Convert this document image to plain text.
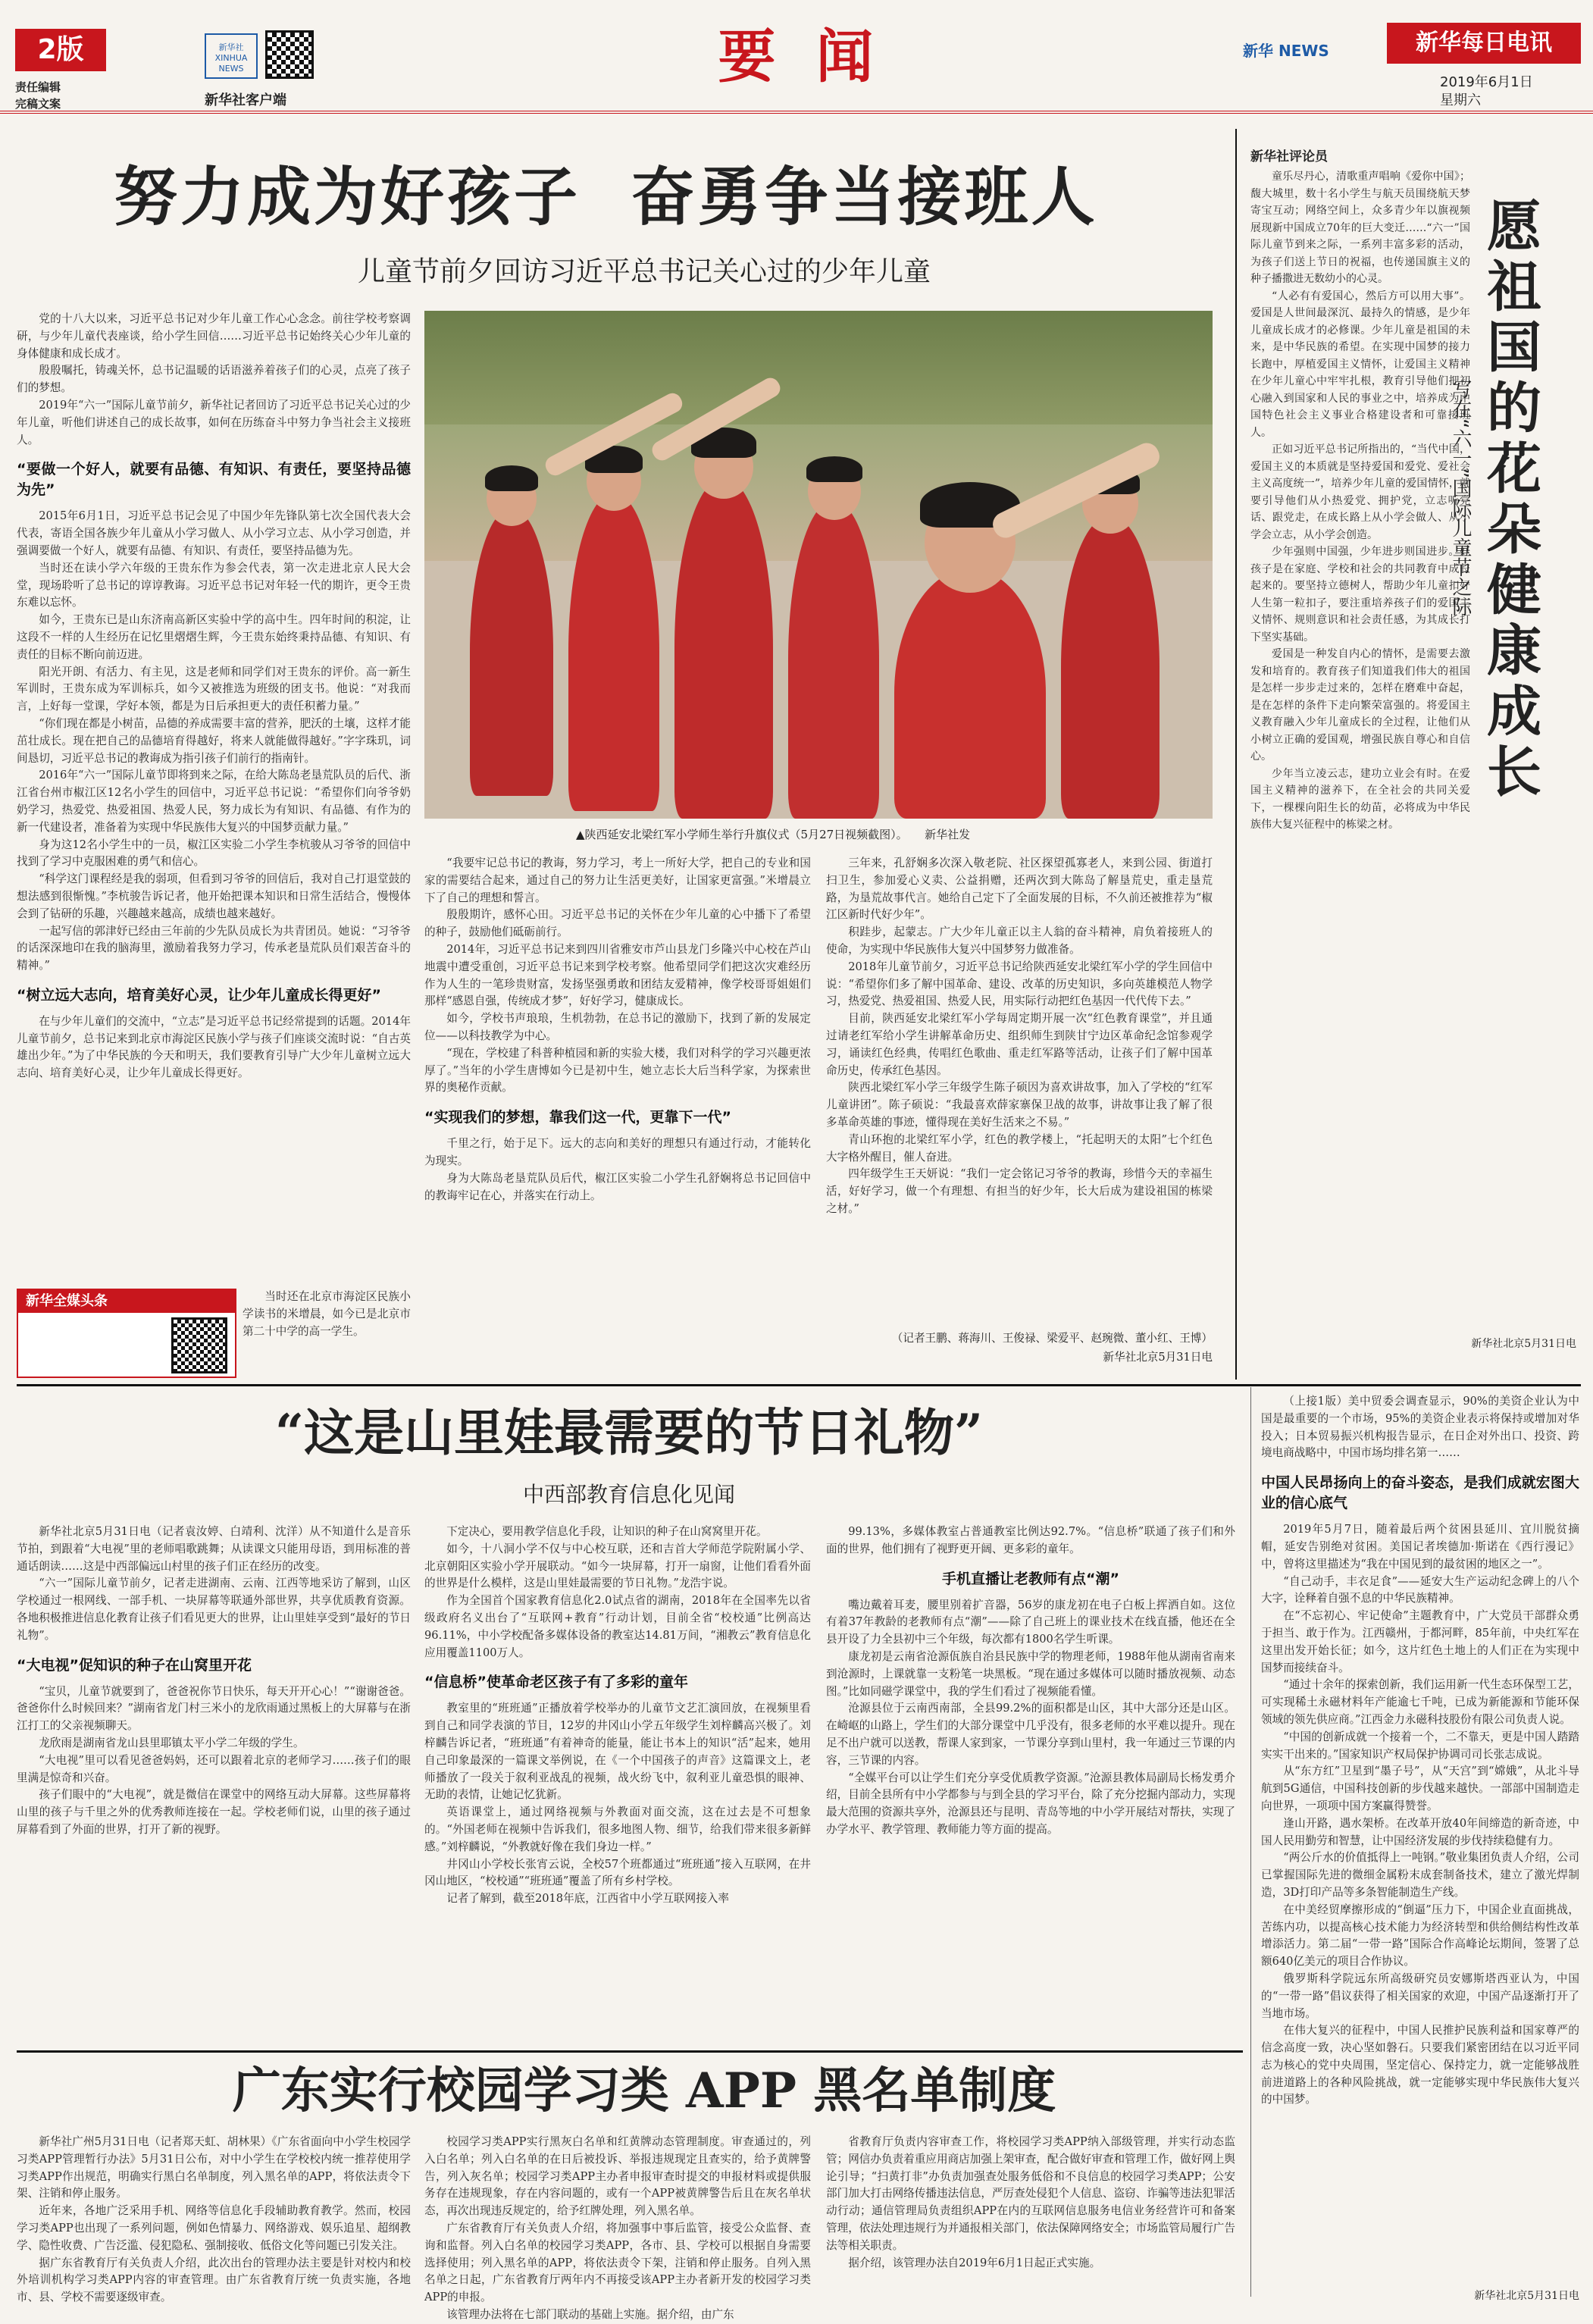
2版
责任编辑
完稿文案
新华社 XINHUA NEWS
新华社客户端
要  闻	新华 NEWS	新华每日电讯
2019年6月1日
星期六
努力成为好孩子  奋勇争当接班人
儿童节前夕回访习近平总书记关心过的少年儿童

党的十八大以来，习近平总书记对少年儿童工作心心念念。前往学校考察调研，与少年儿童代表座谈，给小学生回信……习近平总书记始终关心少年儿童的身体健康和成长成才。

殷殷嘱托，铸魂关怀，总书记温暖的话语滋养着孩子们的心灵，点亮了孩子们的梦想。

2019年“六一”国际儿童节前夕，新华社记者回访了习近平总书记关心过的少年儿童，听他们讲述自己的成长故事，如何在历练奋斗中努力争当社会主义接班人。

“要做一个好人，就要有品德、有知识、有责任，要坚持品德为先”

2015年6月1日，习近平总书记会见了中国少年先锋队第七次全国代表大会代表，寄语全国各族少年儿童从小学习做人、从小学习立志、从小学习创造，并强调要做一个好人，就要有品德、有知识、有责任，要坚持品德为先。

当时还在读小学六年级的王贵东作为参会代表，第一次走进北京人民大会堂，现场聆听了总书记的谆谆教诲。习近平总书记对年轻一代的期许，更令王贵东难以忘怀。

如今，王贵东已是山东济南高新区实验中学的高中生。四年时间的积淀，让这段不一样的人生经历在记忆里熠熠生辉，今王贵东始终秉持品德、有知识、有责任的目标不断向前迈进。

阳光开朗、有活力、有主见，这是老师和同学们对王贵东的评价。高一新生军训时，王贵东成为军训标兵，如今又被推选为班级的团支书。他说：“对我而言，上好每一堂课，学好本领，都是为日后承担更大的责任积蓄力量。”

“你们现在都是小树苗，品德的养成需要丰富的营养，肥沃的土壤，这样才能茁壮成长。现在把自己的品德培育得越好，将来人就能做得越好。”字字珠玑，词间恳切，习近平总书记的教诲成为指引孩子们前行的指南针。

2016年“六一”国际儿童节即将到来之际，在给大陈岛老垦荒队员的后代、浙江省台州市椒江区12名小学生的回信中，习近平总书记说：“希望你们向爷爷奶奶学习，热爱党、热爱祖国、热爱人民，努力成长为有知识、有品德、有作为的新一代建设者，准备着为实现中华民族伟大复兴的中国梦贡献力量。”

身为这12名小学生中的一员，椒江区实验二小学生李杭骏从习爷爷的回信中找到了学习中克服困难的勇气和信心。

“科学这门课程经是我的弱项，但看到习爷爷的回信后，我对自己打退堂鼓的想法感到很惭愧。”李杭骏告诉记者，他开始把课本知识和日常生活结合，慢慢体会到了钻研的乐趣，兴趣越来越高，成绩也越来越好。

一起写信的郭津妤已经由三年前的少先队员成长为共青团员。她说：“习爷爷的话深深地印在我的脑海里，激励着我努力学习，传承老垦荒队员们艰苦奋斗的精神。”

“树立远大志向，培育美好心灵，让少年儿童成长得更好”

在与少年儿童们的交流中，“立志”是习近平总书记经常提到的话题。2014年儿童节前夕，总书记来到北京市海淀区民族小学与孩子们座谈交流时说：“自古英雄出少年。”为了中华民族的今天和明天，我们要教育引导广大少年儿童树立远大志向、培育美好心灵，让少年儿童成长得更好。

新华全媒头条	当时还在北京市海淀区民族小学读书的米增晨，如今已是北京市第二十中学的高一学生。

▲陕西延安北梁红军小学师生举行升旗仪式（5月27日视频截图）。　　新华社发

“我要牢记总书记的教诲，努力学习，考上一所好大学，把自己的专业和国家的需要结合起来，通过自己的努力让生活更美好，让国家更富强。”米增晨立下了自己的理想和誓言。

殷殷期许，感怀心田。习近平总书记的关怀在少年儿童的心中播下了希望的种子，鼓励他们砥砺前行。

2014年，习近平总书记来到四川省雅安市芦山县龙门乡隆兴中心校在芦山地震中遭受重创，习近平总书记来到学校考察。他希望同学们把这次灾难经历作为人生的一笔珍贵财富，发扬坚强勇敢和团结友爱精神，像学校哥哥姐姐们那样“感恩自强，传统成才梦”，好好学习，健康成长。

如今，学校书声琅琅，生机勃勃，在总书记的激励下，找到了新的发展定位——以科技教学为中心。

“现在，学校建了科普种植园和新的实验大楼，我们对科学的学习兴趣更浓厚了。”当年的小学生唐博如今已是初中生，她立志长大后当科学家，为探索世界的奥秘作贡献。

“实现我们的梦想，靠我们这一代，更靠下一代”

千里之行，始于足下。远大的志向和美好的理想只有通过行动，才能转化为现实。

身为大陈岛老垦荒队员后代，椒江区实验二小学生孔舒娴将总书记回信中的教诲牢记在心，并落实在行动上。

三年来，孔舒娴多次深入敬老院、社区探望孤寡老人，来到公园、街道打扫卫生，参加爱心义卖、公益捐赠，还两次到大陈岛了解垦荒史，重走垦荒路，为垦荒故事代言。她给自己定下了全面发展的目标，不久前还被推荐为“椒江区新时代好少年”。

积跬步，起蒙志。广大少年儿童正以主人翁的奋斗精神，肩负着接班人的使命，为实现中华民族伟大复兴中国梦努力做准备。

2018年儿童节前夕，习近平总书记给陕西延安北梁红军小学的学生回信中说：“希望你们多了解中国革命、建设、改革的历史知识，多向英雄模范人物学习，热爱党、热爱祖国、热爱人民，用实际行动把红色基因一代代传下去。”

目前，陕西延安北梁红军小学每周定期开展一次“红色教育课堂”，并且通过请老红军给小学生讲解革命历史、组织师生到陕甘宁边区革命纪念馆参观学习，诵读红色经典，传唱红色歌曲、重走红军路等活动，让孩子们了解中国革命历史，传承红色基因。

陕西北梁红军小学三年级学生陈子硕因为喜欢讲故事，加入了学校的“红军儿童讲团”。陈子硕说：“我最喜欢薛家寨保卫战的故事，讲故事让我了解了很多革命英雄的事迹，懂得现在美好生活来之不易。”

青山环抱的北梁红军小学，红色的教学楼上，“托起明天的太阳”七个红色大字格外醒目，催人奋进。

四年级学生王天妍说：“我们一定会铭记习爷爷的教诲，珍惜今天的幸福生活，好好学习，做一个有理想、有担当的好少年，长大后成为建设祖国的栋梁之材。”

（记者王鹏、蒋海川、王俊禄、梁爱平、赵琬微、董小红、王博）
新华社北京5月31日电
新华社评论员

童乐尽丹心，清歌重声唱响《爱你中国》；馥大城里，数十名小学生与航天员围绕航天梦寄宝互动；网络空间上，众多青少年以旗视频展现新中国成立70年的巨大变迁……“六一”国际儿童节到来之际，一系列丰富多彩的活动，为孩子们送上节日的祝福，也传递国旗主义的种子播撒进无数幼小的心灵。

“人必有有爱国心，然后方可以用大事”。爱国是人世间最深沉、最持久的情感，是少年儿童成长成才的必修课。少年儿童是祖国的未来，是中华民族的希望。在实现中国梦的接力长跑中，厚植爱国主义情怀，让爱国主义精神在少年儿童心中牢牢扎根，教育引导他们把初心融入到国家和人民的事业之中，培养成为中国特色社会主义事业合格建设者和可靠接班人。

正如习近平总书记所指出的，“当代中国，爱国主义的本质就是坚持爱国和爱党、爱社会主义高度统一”，培养少年儿童的爱国情怀，就要引导他们从小热爱党、拥护党，立志听党话、跟党走，在成长路上从小学会做人、从小学会立志，从小学会创造。

少年强则中国强，少年进步则国进步。好孩子是在家庭、学校和社会的共同教育中成长起来的。要坚持立德树人，帮助少年儿童扣好人生第一粒扣子，要注重培养孩子们的爱国主义情怀、规则意识和社会责任感，为其成长打下坚实基础。

爱国是一种发自内心的情怀，是需要去激发和培育的。教育孩子们知道我们伟大的祖国是怎样一步步走过来的，怎样在磨难中奋起，是在怎样的条件下走向繁荣富强的。将爱国主义教育融入少年儿童成长的全过程，让他们从小树立正确的爱国观，增强民族自尊心和自信心。

少年当立凌云志，建功立业会有时。在爱国主义精神的滋养下，在全社会的共同关爱下，一棵棵向阳生长的幼苗，必将成为中华民族伟大复兴征程中的栋梁之材。

愿祖国的花朵健康成长
写在“六一”国际儿童节之际
新华社北京5月31日电
“这是山里娃最需要的节日礼物”
中西部教育信息化见闻

新华社北京5月31日电（记者袁汝婷、白靖利、沈洋）从不知道什么是音乐节拍，到跟着“大电视”里的老师唱歌跳舞；从读课文只能用母语，到用标准的普通话朗读……这是中西部偏远山村里的孩子们正在经历的改变。

“六一”国际儿童节前夕，记者走进湖南、云南、江西等地采访了解到，山区学校通过一根网线、一部手机、一块屏幕等联通外部世界，共享优质教育资源。各地积极推进信息化教育让孩子们看见更大的世界，让山里娃享受到“最好的节日礼物”。

“大电视”促知识的种子在山窝里开花

“宝贝，儿童节就要到了，爸爸祝你节日快乐，每天开开心心！”“谢谢爸爸。爸爸你什么时候回来？”湖南省龙门村三米小的龙欣雨通过黑板上的大屏幕与在浙江打工的父亲视频聊天。

龙欣雨是湖南省龙山县里耶镇太平小学二年级的学生。

“大电视”里可以看见爸爸妈妈，还可以跟着北京的老师学习……孩子们的眼里满是惊奇和兴奋。

孩子们眼中的“大电视”，就是微信在课堂中的网络互动大屏幕。这些屏幕将山里的孩子与千里之外的优秀教师连接在一起。学校老师们说，山里的孩子通过屏幕看到了外面的世界，打开了新的视野。

下定决心，要用教学信息化手段，让知识的种子在山窝窝里开花。

如今，十八洞小学不仅与中心校互联，还和吉首大学师范学院附属小学、北京朝阳区实验小学开展联动。“如今一块屏幕，打开一扇窗，让他们看看外面的世界是什么模样，这是山里娃最需要的节日礼物。”龙浩宇说。

作为全国首个国家教育信息化2.0试点省的湖南，2018年在全国率先以省级政府名义出台了“互联网+教育”行动计划，目前全省“校校通”比例高达96.11%，中小学校配备多媒体设备的教室达14.81万间，“湘教云”教育信息化应用覆盖1100万人。

“信息桥”使革命老区孩子有了多彩的童年

教室里的“班班通”正播放着学校举办的儿童节文艺汇演回放，在视频里看到自己和同学表演的节目，12岁的井冈山小学五年级学生刘梓麟高兴极了。刘梓麟告诉记者，“班班通”有着神奇的能量，能让书本上的知识“活”起来，她用自己印象最深的一篇课文举例说，在《一个中国孩子的声音》这篇课文上，老师播放了一段关于叙利亚战乱的视频，战火纷飞中，叙利亚儿童恐惧的眼神、无助的表情，让她记忆犹新。

英语课堂上，通过网络视频与外教面对面交流，这在过去是不可想象的。“外国老师在视频中告诉我们，很多地图人物、细节，给我们带来很多新鲜感。”刘梓麟说，“外教就好像在我们身边一样。”

井冈山小学校长张宵云说，全校57个班都通过“班班通”接入互联网，在井冈山地区，“校校通”“班班通”覆盖了所有乡村学校。

记者了解到，截至2018年底，江西省中小学互联网接入率

99.13%，多媒体教室占普通教室比例达92.7%。“信息桥”联通了孩子们和外面的世界，他们拥有了视野更开阔、更多彩的童年。

手机直播让老教师有点“潮”

嘴边戴着耳麦，腰里别着扩音器，56岁的康龙初在电子白板上挥洒自如。这位有着37年教龄的老教师有点“潮”——除了自己班上的课业技术在线直播，他还在全县开设了力全县初中三个年级，每次都有1800名学生听课。

康龙初是云南省沧源佤族自治县民族中学的物理老师，1988年他从湖南省南来到沧源时，上课就靠一支粉笔一块黑板。“现在通过多媒体可以随时播放视频、动态图。”比如同磁学课堂中，我的学生们看过了视频能看懂。

沧源县位于云南西南部，全县99.2%的面积都是山区，其中大部分还是山区。在崎岖的山路上，学生们的大部分课堂中几乎没有，很多老师的水平难以提升。现在足不出户就可以送教，帮课人家到家，一节课分享到山里村，我一年通过三节课的内容，三节课的内容。

“全媒平台可以让学生们充分享受优质教学资源。”沧源县教体局副局长杨发勇介绍，目前全县所有中小学都参与与到全县的学习平台，除了充分挖掘内部动力，实现最大范围的资源共享外，沧源县还与昆明、青岛等地的中小学开展结对帮扶，实现了办学水平、教学管理、教师能力等方面的提高。

（上接1版）美中贸委会调查显示，90%的美资企业认为中国是最重要的一个市场，95%的美资企业表示将保持或增加对华投入；日本贸易振兴机构报告显示，在日企对外出口、投资、跨境电商战略中，中国市场均排名第一……

中国人民昂扬向上的奋斗姿态，是我们成就宏图大业的信心底气

2019年5月7日，随着最后两个贫困县延川、宜川脱贫摘帽，延安告别绝对贫困。美国记者埃德加·斯诺在《西行漫记》中，曾将这里描述为“我在中国见到的最贫困的地区之一”。

“自己动手，丰衣足食”——延安大生产运动纪念碑上的八个大字，诠释着自强不息的中华民族精神。

在“不忘初心、牢记使命”主题教育中，广大党员干部群众勇于担当、敢于作为。江西赣州，于都河畔，85年前，中央红军在这里出发开始长征；如今，这片红色土地上的人们正在为实现中国梦而接续奋斗。

“通过十余年的探索创新，我们运用新一代生态环保型工艺，可实现稀土永磁材料年产能逾七千吨，已成为新能源和节能环保领域的领先供应商。”江西金力永磁科技股份有限公司负责人说。

“中国的创新成就一个接着一个，二不靠天，更是中国人踏踏实实干出来的。”国家知识产权局保护协调司司长张志成说。

从“东方红”卫星到“墨子号”，从“天宫”到“嫦娥”，从北斗导航到5G通信，中国科技创新的步伐越来越快。一部部中国制造走向世界，一项项中国方案赢得赞誉。

逢山开路，遇水架桥。在改革开放40年间缔造的新奇迹，中国人民用勤劳和智慧，让中国经济发展的步伐持续稳健有力。

“两公斤水的价值抵得上一吨钢。”敬业集团负责人介绍，公司已掌握国际先进的微细金属粉末成套制备技术，建立了激光焊制造，3D打印产品等多条智能制造生产线。

在中美经贸摩擦形成的“倒逼”压力下，中国企业直面挑战，苦练内功，以提高核心技术能力为经济转型和供给侧结构性改革增添活力。第二届“一带一路”国际合作高峰论坛期间，签署了总额640亿美元的项目合作协议。

俄罗斯科学院远东所高级研究员安娜斯塔西亚认为，中国的“一带一路”倡议获得了相关国家的欢迎，中国产品逐渐打开了当地市场。

在伟大复兴的征程中，中国人民推护民族利益和国家尊严的信念高度一致，决心坚如磐石。只要我们紧密团结在以习近平同志为核心的党中央周围，坚定信心、保持定力，就一定能够战胜前进道路上的各种风险挑战，就一定能够实现中华民族伟大复兴的中国梦。

新华社北京5月31日电
广东实行校园学习类 APP 黑名单制度

新华社广州5月31日电（记者郑天虹、胡林果）《广东省面向中小学生校园学习类APP管理暂行办法》5月31日公布，对中小学生在学校校内统一推荐使用学习类APP作出规范，明确实行黑白名单制度，列入黑名单的APP，将依法责令下架、注销和停止服务。

近年来，各地广泛采用手机、网络等信息化手段辅助教育教学。然而，校园学习类APP也出现了一系列问题，例如色情暴力、网络游戏、娱乐追星、超纲教学、隐性收费、广告泛滥、侵犯隐私、强制接收、低俗文化等问题已引发关注。

据广东省教育厅有关负责人介绍，此次出台的管理办法主要是针对校内和校外培训机构学习类APP内容的审查管理。由广东省教育厅统一负责实施，各地市、县、学校不需要逐级审查。

校园学习类APP实行黑灰白名单和红黄牌动态管理制度。审查通过的，列入白名单；列入白名单的在日后被投诉、举报违规现定且查实的，给予黄牌警告，列入灰名单；校园学习类APP主办者申报审查时提交的申报材料或提供服务存在违规现象，存在内容问题的，或有一个APP被黄牌警告后且在灰名单状态，再次出现违反规定的，给予红牌处理，列入黑名单。

广东省教育厅有关负责人介绍，将加强事中事后监管，接受公众监督、查询和监督。列入白名单的校园学习类APP，各市、县、学校可以根据自身需要选择使用；列入黑名单的APP，将依法责令下架，注销和停止服务。自列入黑名单之日起，广东省教育厅两年内不再接受该APP主办者新开发的校园学习类APP的申报。

该管理办法将在七部门联动的基础上实施。据介绍，由广东

省教育厅负责内容审查工作，将校园学习类APP纳入部级管理，并实行动态监管；网信办负责着重应用商店加强上架审查，配合做好审查和管理工作，做好网上舆论引导；“扫黄打非”办负责加强查处服务低俗和不良信息的校园学习类APP；公安部门加大打击网络传播违法信息，严厉查处侵犯个人信息、盗窃、诈骗等违法犯罪活动行动；通信管理局负责组织APP在内的互联网信息服务电信业务经营许可和备案管理，依法处理违规行为并通报相关部门，依法保障网络安全；市场监管局履行广告法等相关职责。

据介绍，该管理办法自2019年6月1日起正式实施。
